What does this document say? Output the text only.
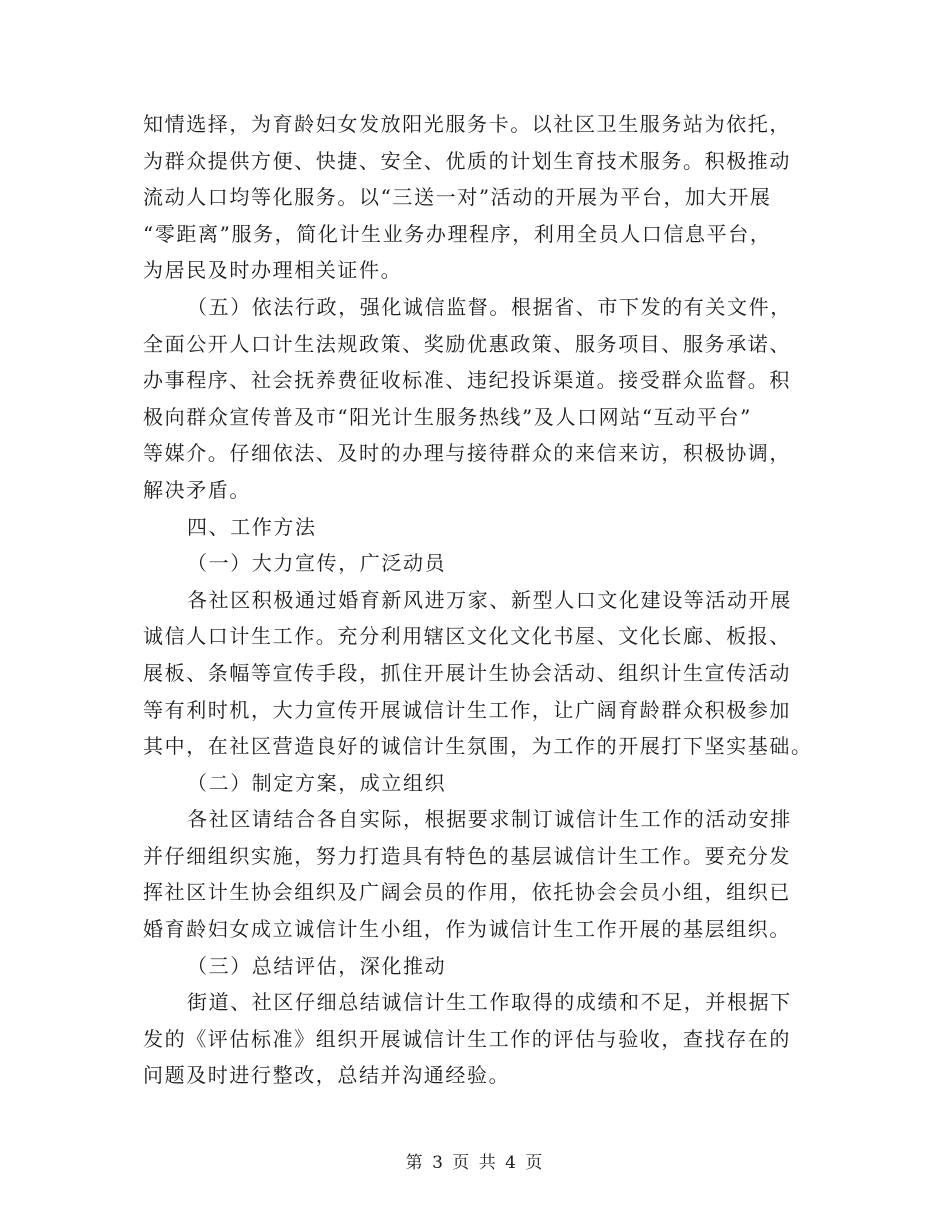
知情选择，为育龄妇女发放阳光服务卡。以社区卫生服务站为依托，
为群众提供方便、快捷、安全、优质的计划生育技术服务。积极推动
流动人口均等化服务。以“三送一对”活动的开展为平台，加大开展
“零距离”服务，简化计生业务办理程序，利用全员人口信息平台，
为居民及时办理相关证件。
（五）依法行政，强化诚信监督。根据省、市下发的有关文件，
全面公开人口计生法规政策、奖励优惠政策、服务项目、服务承诺、
办事程序、社会抚养费征收标准、违纪投诉渠道。接受群众监督。积
极向群众宣传普及市“阳光计生服务热线”及人口网站“互动平台”
等媒介。仔细依法、及时的办理与接待群众的来信来访，积极协调，
解决矛盾。
四、工作方法
（一）大力宣传，广泛动员
各社区积极通过婚育新风进万家、新型人口文化建设等活动开展
诚信人口计生工作。充分利用辖区文化文化书屋、文化长廊、板报、
展板、条幅等宣传手段，抓住开展计生协会活动、组织计生宣传活动
等有利时机，大力宣传开展诚信计生工作，让广阔育龄群众积极参加
其中，在社区营造良好的诚信计生氛围，为工作的开展打下坚实基础。
（二）制定方案，成立组织
各社区请结合各自实际，根据要求制订诚信计生工作的活动安排
并仔细组织实施，努力打造具有特色的基层诚信计生工作。要充分发
挥社区计生协会组织及广阔会员的作用，依托协会会员小组，组织已
婚育龄妇女成立诚信计生小组，作为诚信计生工作开展的基层组织。
（三）总结评估，深化推动
街道、社区仔细总结诚信计生工作取得的成绩和不足，并根据下
发的《评估标准》组织开展诚信计生工作的评估与验收，查找存在的
问题及时进行整改，总结并沟通经验。
第 3 页 共 4 页
